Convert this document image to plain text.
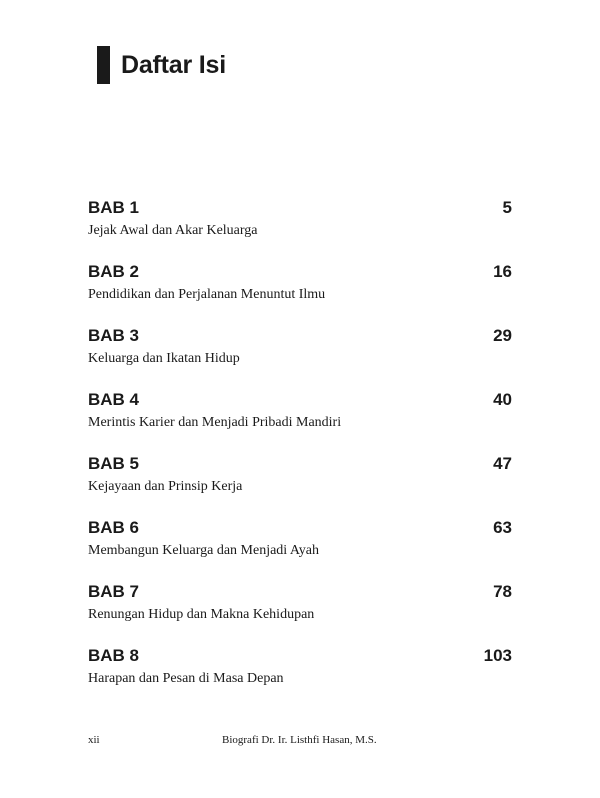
Daftar Isi
BAB 1	5
Jejak Awal dan Akar Keluarga
BAB 2	16
Pendidikan dan Perjalanan Menuntut Ilmu
BAB 3	29
Keluarga dan Ikatan Hidup
BAB 4	40
Merintis Karier dan Menjadi Pribadi Mandiri
BAB 5	47
Kejayaan dan Prinsip Kerja
BAB 6	63
Membangun Keluarga dan Menjadi Ayah
BAB 7	78
Renungan Hidup dan Makna Kehidupan
BAB 8	103
Harapan dan Pesan di Masa Depan
xii	Biografi Dr. Ir. Listhfi Hasan, M.S.
